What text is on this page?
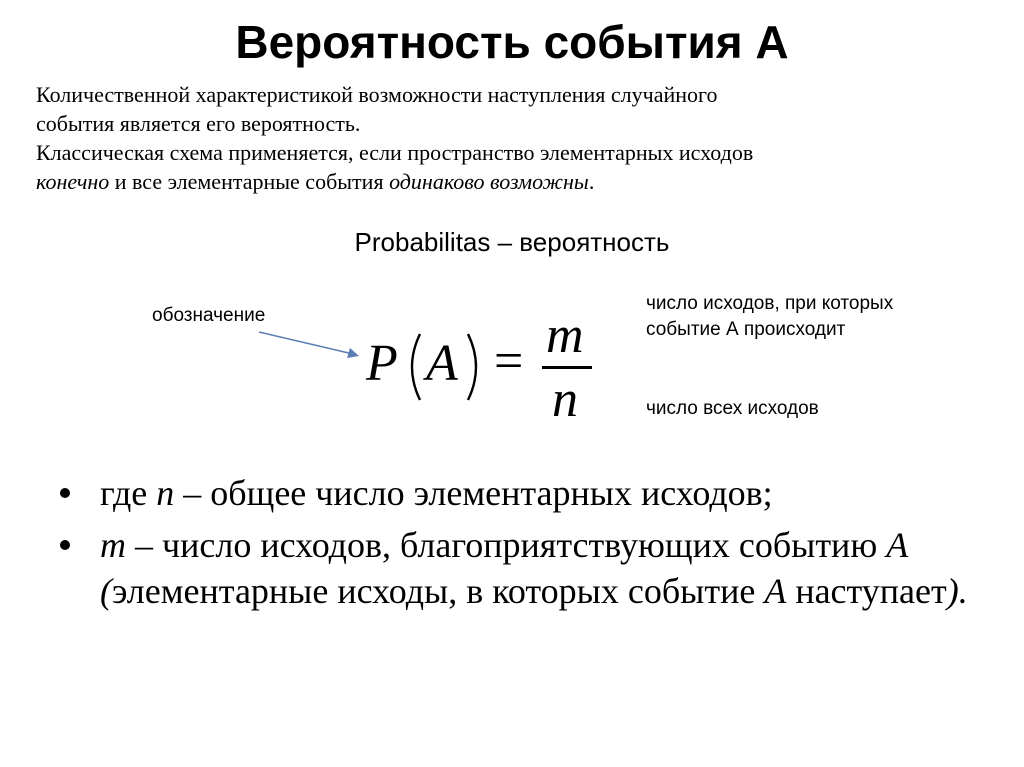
Вероятность события А

Количественной характеристикой возможности наступления случайного

события является его вероятность.

Классическая схема применяется, если пространство элементарных исходов

конечно и все элементарные события одинаково возможны.

Probabilitas – вероятность
обозначение
P A = m
n
число исходов, при которых
событие А происходит
число всех исходов
где n – общее число элементарных исходов;
m – число исходов, благоприятствующих событию А (элементарные исходы, в которых событие А наступает).
